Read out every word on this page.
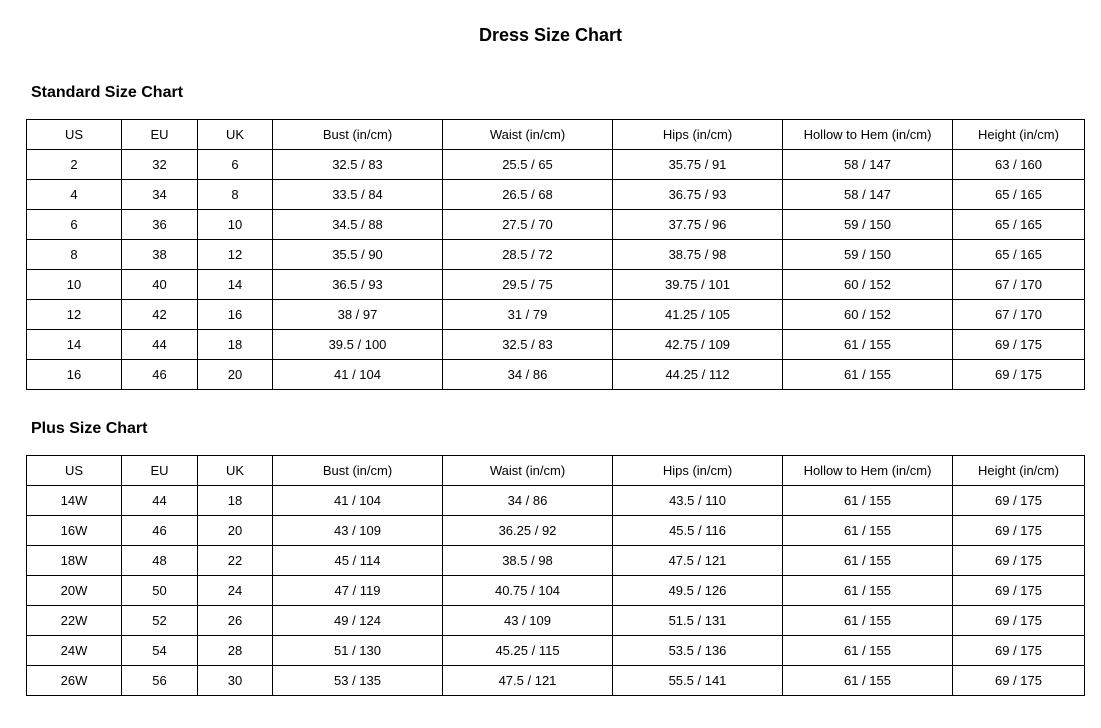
Dress Size Chart
Standard Size Chart
US	EU	UK	Bust (in/cm)	Waist (in/cm)	Hips (in/cm)	Hollow to Hem (in/cm)	Height (in/cm)
2	32	6	32.5 / 83	25.5 / 65	35.75 / 91	58 / 147	63 / 160
4	34	8	33.5 / 84	26.5 / 68	36.75 / 93	58 / 147	65 / 165
6	36	10	34.5 / 88	27.5 / 70	37.75 / 96	59 / 150	65 / 165
8	38	12	35.5 / 90	28.5 / 72	38.75 / 98	59 / 150	65 / 165
10	40	14	36.5 / 93	29.5 / 75	39.75 / 101	60 / 152	67 / 170
12	42	16	38 / 97	31 / 79	41.25 / 105	60 / 152	67 / 170
14	44	18	39.5 / 100	32.5 / 83	42.75 / 109	61 / 155	69 / 175
16	46	20	41 / 104	34 / 86	44.25 / 112	61 / 155	69 / 175
Plus Size Chart
US	EU	UK	Bust (in/cm)	Waist (in/cm)	Hips (in/cm)	Hollow to Hem (in/cm)	Height (in/cm)
14W	44	18	41 / 104	34 / 86	43.5 / 110	61 / 155	69 / 175
16W	46	20	43 / 109	36.25 / 92	45.5 / 116	61 / 155	69 / 175
18W	48	22	45 / 114	38.5 / 98	47.5 / 121	61 / 155	69 / 175
20W	50	24	47 / 119	40.75 / 104	49.5 / 126	61 / 155	69 / 175
22W	52	26	49 / 124	43 / 109	51.5 / 131	61 / 155	69 / 175
24W	54	28	51 / 130	45.25 / 115	53.5 / 136	61 / 155	69 / 175
26W	56	30	53 / 135	47.5 / 121	55.5 / 141	61 / 155	69 / 175
